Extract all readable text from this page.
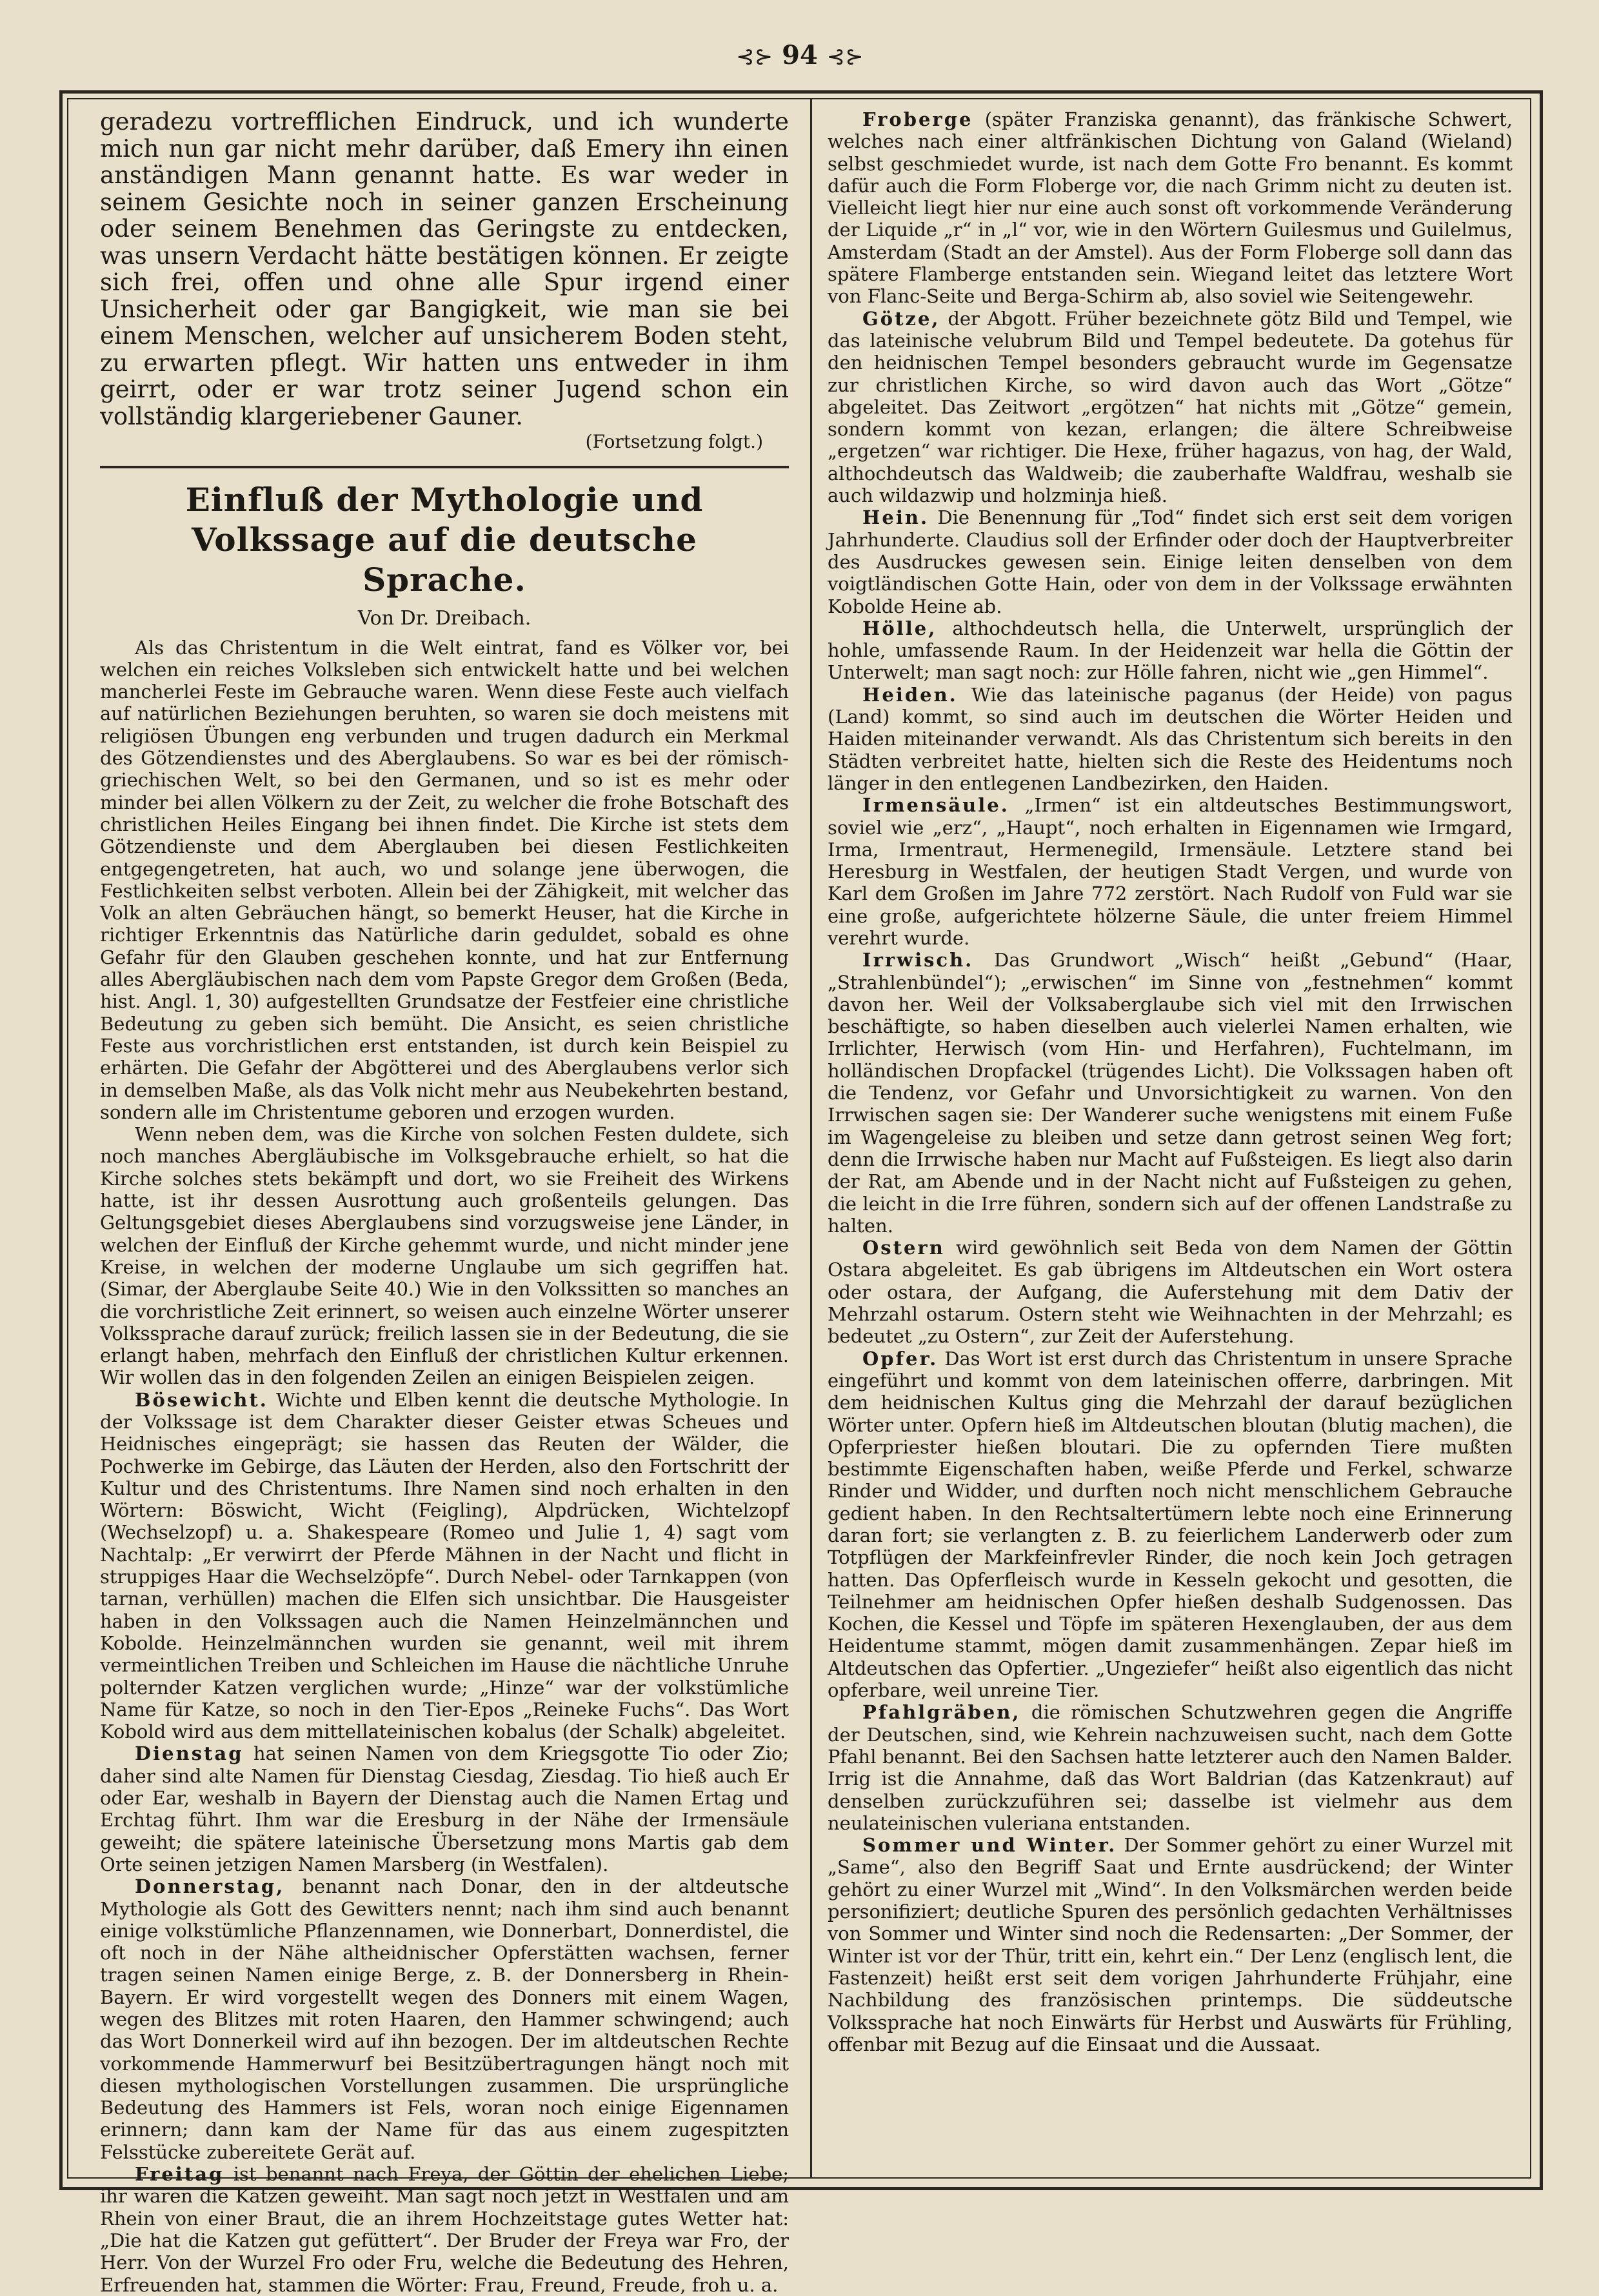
⊰⊱ 94 ⊰⊱

geradezu vortrefflichen Eindruck, und ich wunderte mich nun gar nicht mehr darüber, daß Emery ihn einen anständigen Mann genannt hatte. Es war weder in seinem Gesichte noch in seiner ganzen Erscheinung oder seinem Benehmen das Geringste zu entdecken, was unsern Verdacht hätte bestätigen können. Er zeigte sich frei, offen und ohne alle Spur irgend einer Unsicherheit oder gar Bangigkeit, wie man sie bei einem Menschen, welcher auf unsicherem Boden steht, zu erwarten pflegt. Wir hatten uns entweder in ihm geirrt, oder er war trotz seiner Jugend schon ein vollständig klargeriebener Gauner.

(Fortsetzung folgt.)
Einfluß der Mythologie und Volkssage auf die deutsche Sprache.
Von Dr. Dreibach.

Als das Christentum in die Welt eintrat, fand es Völker vor, bei welchen ein reiches Volksleben sich entwickelt hatte und bei welchen mancherlei Feste im Gebrauche waren. Wenn diese Feste auch vielfach auf natürlichen Beziehungen beruhten, so waren sie doch meistens mit religiösen Übungen eng verbunden und trugen dadurch ein Merkmal des Götzendienstes und des Aberglaubens. So war es bei der römisch-griechischen Welt, so bei den Germanen, und so ist es mehr oder minder bei allen Völkern zu der Zeit, zu welcher die frohe Botschaft des christlichen Heiles Eingang bei ihnen findet. Die Kirche ist stets dem Götzendienste und dem Aberglauben bei diesen Festlichkeiten entgegengetreten, hat auch, wo und solange jene überwogen, die Festlichkeiten selbst verboten. Allein bei der Zähigkeit, mit welcher das Volk an alten Gebräuchen hängt, so bemerkt Heuser, hat die Kirche in richtiger Erkenntnis das Natürliche darin geduldet, sobald es ohne Gefahr für den Glauben geschehen konnte, und hat zur Entfernung alles Abergläubischen nach dem vom Papste Gregor dem Großen (Beda, hist. Angl. 1, 30) aufgestellten Grundsatze der Festfeier eine christliche Bedeutung zu geben sich bemüht. Die Ansicht, es seien christliche Feste aus vorchristlichen erst entstanden, ist durch kein Beispiel zu erhärten. Die Gefahr der Abgötterei und des Aberglaubens verlor sich in demselben Maße, als das Volk nicht mehr aus Neubekehrten bestand, sondern alle im Christentume geboren und erzogen wurden.

Wenn neben dem, was die Kirche von solchen Festen duldete, sich noch manches Abergläubische im Volksgebrauche erhielt, so hat die Kirche solches stets bekämpft und dort, wo sie Freiheit des Wirkens hatte, ist ihr dessen Ausrottung auch großenteils gelungen. Das Geltungsgebiet dieses Aberglaubens sind vorzugsweise jene Länder, in welchen der Einfluß der Kirche gehemmt wurde, und nicht minder jene Kreise, in welchen der moderne Unglaube um sich gegriffen hat. (Simar, der Aberglaube Seite 40.) Wie in den Volkssitten so manches an die vorchristliche Zeit erinnert, so weisen auch einzelne Wörter unserer Volkssprache darauf zurück; freilich lassen sie in der Bedeutung, die sie erlangt haben, mehrfach den Einfluß der christlichen Kultur erkennen. Wir wollen das in den folgenden Zeilen an einigen Beispielen zeigen.

Bösewicht. Wichte und Elben kennt die deutsche Mythologie. In der Volkssage ist dem Charakter dieser Geister etwas Scheues und Heidnisches eingeprägt; sie hassen das Reuten der Wälder, die Pochwerke im Gebirge, das Läuten der Herden, also den Fortschritt der Kultur und des Christentums. Ihre Namen sind noch erhalten in den Wörtern: Böswicht, Wicht (Feigling), Alpdrücken, Wichtelzopf (Wechselzopf) u. a. Shakespeare (Romeo und Julie 1, 4) sagt vom Nachtalp: „Er verwirrt der Pferde Mähnen in der Nacht und flicht in struppiges Haar die Wechselzöpfe“. Durch Nebel- oder Tarnkappen (von tarnan, verhüllen) machen die Elfen sich unsichtbar. Die Hausgeister haben in den Volkssagen auch die Namen Heinzelmännchen und Kobolde. Heinzelmännchen wurden sie genannt, weil mit ihrem vermeintlichen Treiben und Schleichen im Hause die nächtliche Unruhe polternder Katzen verglichen wurde; „Hinze“ war der volkstümliche Name für Katze, so noch in den Tier-Epos „Reineke Fuchs“. Das Wort Kobold wird aus dem mittellateinischen kobalus (der Schalk) abgeleitet.

Dienstag hat seinen Namen von dem Kriegsgotte Tio oder Zio; daher sind alte Namen für Dienstag Ciesdag, Ziesdag. Tio hieß auch Er oder Ear, weshalb in Bayern der Dienstag auch die Namen Ertag und Erchtag führt. Ihm war die Eresburg in der Nähe der Irmensäule geweiht; die spätere lateinische Übersetzung mons Martis gab dem Orte seinen jetzigen Namen Marsberg (in Westfalen).

Donnerstag, benannt nach Donar, den in der altdeutsche Mythologie als Gott des Gewitters nennt; nach ihm sind auch benannt einige volkstümliche Pflanzennamen, wie Donnerbart, Donnerdistel, die oft noch in der Nähe altheidnischer Opferstätten wachsen, ferner tragen seinen Namen einige Berge, z. B. der Donnersberg in Rhein-Bayern. Er wird vorgestellt wegen des Donners mit einem Wagen, wegen des Blitzes mit roten Haaren, den Hammer schwingend; auch das Wort Donnerkeil wird auf ihn bezogen. Der im altdeutschen Rechte vorkommende Hammerwurf bei Besitzübertragungen hängt noch mit diesen mythologischen Vorstellungen zusammen. Die ursprüngliche Bedeutung des Hammers ist Fels, woran noch einige Eigennamen erinnern; dann kam der Name für das aus einem zugespitzten Felsstücke zubereitete Gerät auf.

Freitag ist benannt nach Freya, der Göttin der ehelichen Liebe; ihr waren die Katzen geweiht. Man sagt noch jetzt in Westfalen und am Rhein von einer Braut, die an ihrem Hochzeitstage gutes Wetter hat: „Die hat die Katzen gut gefüttert“. Der Bruder der Freya war Fro, der Herr. Von der Wurzel Fro oder Fru, welche die Bedeutung des Hehren, Erfreuenden hat, stammen die Wörter: Frau, Freund, Freude, froh u. a.

Froberge (später Franziska genannt), das fränkische Schwert, welches nach einer altfränkischen Dichtung von Galand (Wieland) selbst geschmiedet wurde, ist nach dem Gotte Fro benannt. Es kommt dafür auch die Form Floberge vor, die nach Grimm nicht zu deuten ist. Vielleicht liegt hier nur eine auch sonst oft vorkommende Veränderung der Liquide „r“ in „l“ vor, wie in den Wörtern Guilesmus und Guilelmus, Amsterdam (Stadt an der Amstel). Aus der Form Floberge soll dann das spätere Flamberge entstanden sein. Wiegand leitet das letztere Wort von Flanc-Seite und Berga-Schirm ab, also soviel wie Seitengewehr.

Götze, der Abgott. Früher bezeichnete götz Bild und Tempel, wie das lateinische velubrum Bild und Tempel bedeutete. Da gotehus für den heidnischen Tempel besonders gebraucht wurde im Gegensatze zur christlichen Kirche, so wird davon auch das Wort „Götze“ abgeleitet. Das Zeitwort „ergötzen“ hat nichts mit „Götze“ gemein, sondern kommt von kezan, erlangen; die ältere Schreibweise „ergetzen“ war richtiger. Die Hexe, früher hagazus, von hag, der Wald, althochdeutsch das Waldweib; die zauberhafte Waldfrau, weshalb sie auch wildazwip und holzminja hieß.

Hein. Die Benennung für „Tod“ findet sich erst seit dem vorigen Jahrhunderte. Claudius soll der Erfinder oder doch der Hauptverbreiter des Ausdruckes gewesen sein. Einige leiten denselben von dem voigtländischen Gotte Hain, oder von dem in der Volkssage erwähnten Kobolde Heine ab.

Hölle, althochdeutsch hella, die Unterwelt, ursprünglich der hohle, umfassende Raum. In der Heidenzeit war hella die Göttin der Unterwelt; man sagt noch: zur Hölle fahren, nicht wie „gen Himmel“.

Heiden. Wie das lateinische paganus (der Heide) von pagus (Land) kommt, so sind auch im deutschen die Wörter Heiden und Haiden miteinander verwandt. Als das Christentum sich bereits in den Städten verbreitet hatte, hielten sich die Reste des Heidentums noch länger in den entlegenen Landbezirken, den Haiden.

Irmensäule. „Irmen“ ist ein altdeutsches Bestimmungswort, soviel wie „erz“, „Haupt“, noch erhalten in Eigennamen wie Irmgard, Irma, Irmentraut, Hermenegild, Irmensäule. Letztere stand bei Heresburg in Westfalen, der heutigen Stadt Vergen, und wurde von Karl dem Großen im Jahre 772 zerstört. Nach Rudolf von Fuld war sie eine große, aufgerichtete hölzerne Säule, die unter freiem Himmel verehrt wurde.

Irrwisch. Das Grundwort „Wisch“ heißt „Gebund“ (Haar, „Strahlenbündel“); „erwischen“ im Sinne von „festnehmen“ kommt davon her. Weil der Volksaberglaube sich viel mit den Irrwischen beschäftigte, so haben dieselben auch vielerlei Namen erhalten, wie Irrlichter, Herwisch (vom Hin- und Herfahren), Fuchtelmann, im holländischen Dropfackel (trügendes Licht). Die Volkssagen haben oft die Tendenz, vor Gefahr und Unvorsichtigkeit zu warnen. Von den Irrwischen sagen sie: Der Wanderer suche wenigstens mit einem Fuße im Wagengeleise zu bleiben und setze dann getrost seinen Weg fort; denn die Irrwische haben nur Macht auf Fußsteigen. Es liegt also darin der Rat, am Abende und in der Nacht nicht auf Fußsteigen zu gehen, die leicht in die Irre führen, sondern sich auf der offenen Landstraße zu halten.

Ostern wird gewöhnlich seit Beda von dem Namen der Göttin Ostara abgeleitet. Es gab übrigens im Altdeutschen ein Wort ostera oder ostara, der Aufgang, die Auferstehung mit dem Dativ der Mehrzahl ostarum. Ostern steht wie Weihnachten in der Mehrzahl; es bedeutet „zu Ostern“, zur Zeit der Auferstehung.

Opfer. Das Wort ist erst durch das Christentum in unsere Sprache eingeführt und kommt von dem lateinischen offerre, darbringen. Mit dem heidnischen Kultus ging die Mehrzahl der darauf bezüglichen Wörter unter. Opfern hieß im Altdeutschen bloutan (blutig machen), die Opferpriester hießen bloutari. Die zu opfernden Tiere mußten bestimmte Eigenschaften haben, weiße Pferde und Ferkel, schwarze Rinder und Widder, und durften noch nicht menschlichem Gebrauche gedient haben. In den Rechtsaltertümern lebte noch eine Erinnerung daran fort; sie verlangten z. B. zu feierlichem Landerwerb oder zum Totpflügen der Markfeinfrevler Rinder, die noch kein Joch getragen hatten. Das Opferfleisch wurde in Kesseln gekocht und gesotten, die Teilnehmer am heidnischen Opfer hießen deshalb Sudgenossen. Das Kochen, die Kessel und Töpfe im späteren Hexenglauben, der aus dem Heidentume stammt, mögen damit zusammenhängen. Zepar hieß im Altdeutschen das Opfertier. „Ungeziefer“ heißt also eigentlich das nicht opferbare, weil unreine Tier.

Pfahlgräben, die römischen Schutzwehren gegen die Angriffe der Deutschen, sind, wie Kehrein nachzuweisen sucht, nach dem Gotte Pfahl benannt. Bei den Sachsen hatte letzterer auch den Namen Balder. Irrig ist die Annahme, daß das Wort Baldrian (das Katzenkraut) auf denselben zurückzuführen sei; dasselbe ist vielmehr aus dem neulateinischen vuleriana entstanden.

Sommer und Winter. Der Sommer gehört zu einer Wurzel mit „Same“, also den Begriff Saat und Ernte ausdrückend; der Winter gehört zu einer Wurzel mit „Wind“. In den Volksmärchen werden beide personifiziert; deutliche Spuren des persönlich gedachten Verhältnisses von Sommer und Winter sind noch die Redensarten: „Der Sommer, der Winter ist vor der Thür, tritt ein, kehrt ein.“ Der Lenz (englisch lent, die Fastenzeit) heißt erst seit dem vorigen Jahrhunderte Frühjahr, eine Nachbildung des französischen printemps. Die süddeutsche Volkssprache hat noch Einwärts für Herbst und Auswärts für Frühling, offenbar mit Bezug auf die Einsaat und die Aussaat.
